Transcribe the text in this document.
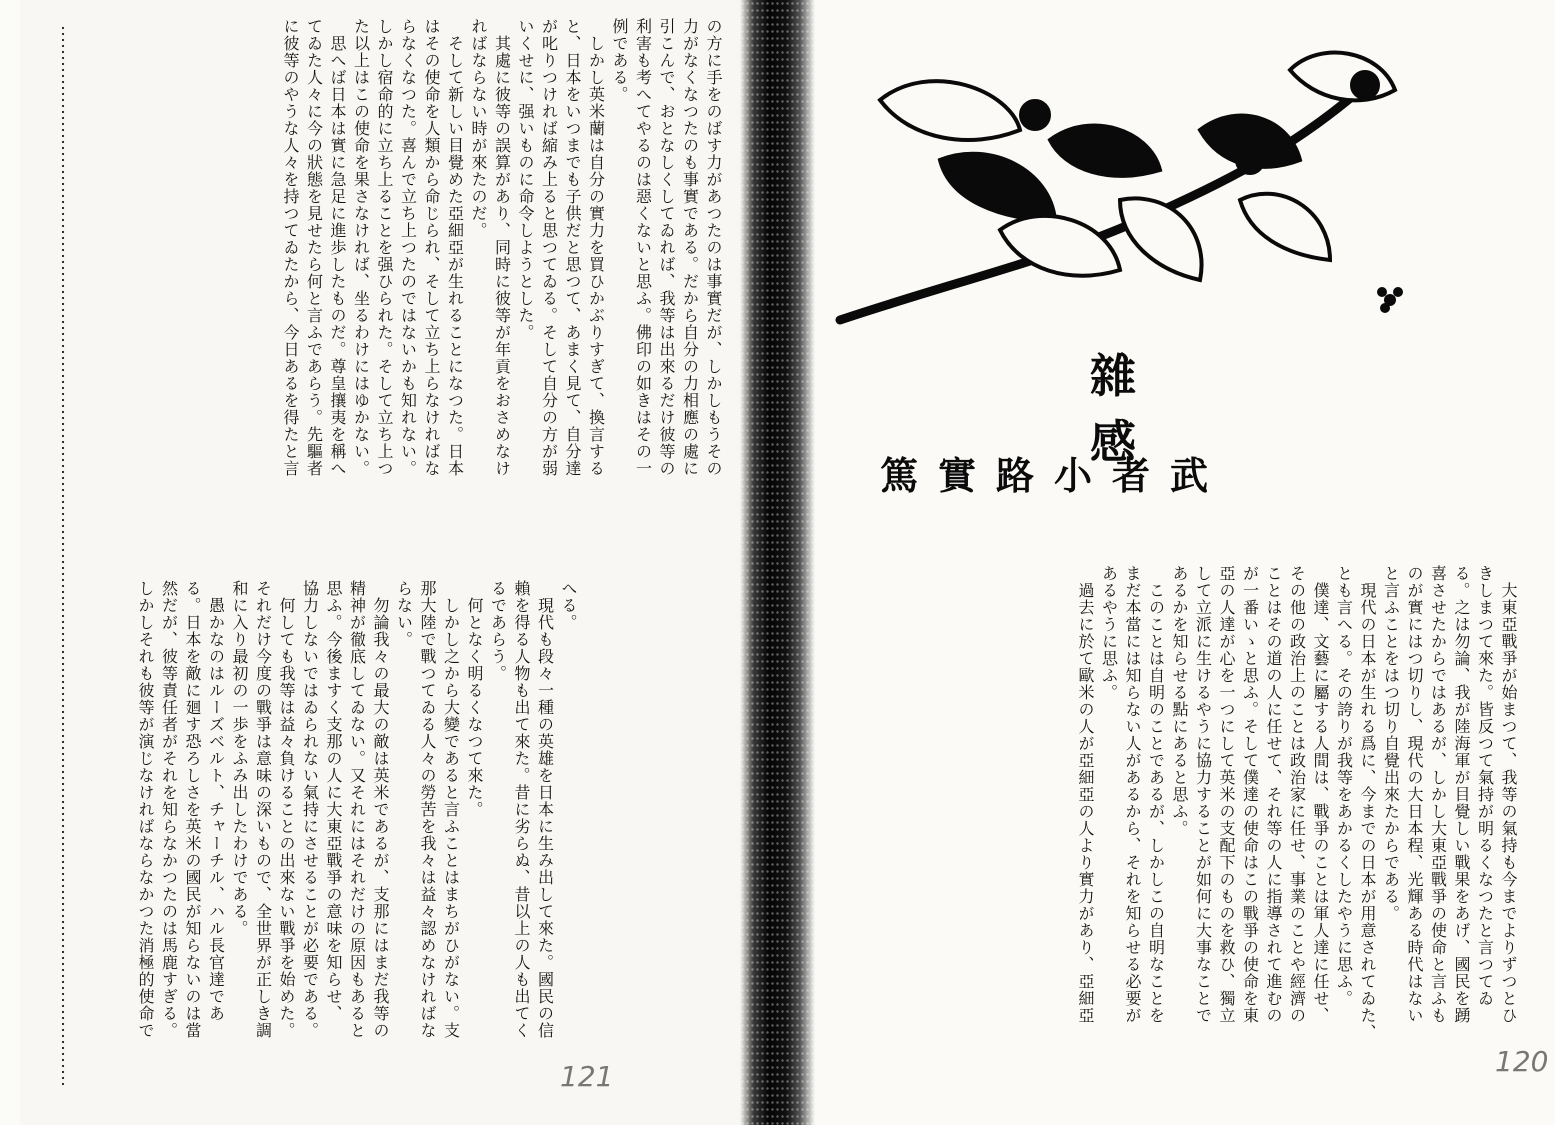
の方に手をのばす力があつたのは事實だが、しかしもうその
力がなくなつたのも事實である。だから自分の力相應の處に
引こんで、おとなしくしてゐれば、我等は出來るだけ彼等の
利害も考へてやるのは惡くないと思ふ。佛印の如きはその一
例である。
　しかし英米蘭は自分の實力を買ひかぶりすぎて、換言する
と、日本をいつまでも子供だと思つて、あまく見て、自分達
が叱りつければ縮み上ると思つてゐる。そして自分の方が弱
いくせに、强いものに命令しようとした。
　其處に彼等の誤算があり、同時に彼等が年貢をおさめなけ
ればならない時が來たのだ。
　そして新しい目覺めた亞細亞が生れることになつた。日本
はその使命を人類から命じられ、そして立ち上らなければな
らなくなつた。喜んで立ち上つたのではないかも知れない。
しかし宿命的に立ち上ることを强ひられた。そして立ち上つ
た以上はこの使命を果さなければ、坐るわけにはゆかない。
　思へば日本は實に急足に進歩したものだ。尊皇攘夷を稱へ
てゐた人々に今の狀態を見せたら何と言ふであらう。先驅者
に彼等のやうな人々を持つてゐたから、今日あるを得たと言
へる。
　現代も段々一種の英雄を日本に生み出して來た。國民の信
賴を得る人物も出て來た。昔に劣らぬ、昔以上の人も出てく
るであらう。
　何となく明るくなつて來た。
　しかし之から大變であると言ふことはまちがひがない。支
那大陸で戰つてゐる人々の勞苦を我々は益々認めなければな
らない。
　勿論我々の最大の敵は英米であるが、支那にはまだ我等の
精神が徹底してゐない。又それにはそれだけの原因もあると
思ふ。今後ますく支那の人に大東亞戰爭の意味を知らせ、
協力しないではゐられない氣持にさせることが必要である。
　何しても我等は益々負けることの出來ない戰爭を始めた。
それだけ今度の戰爭は意味の深いもので、全世界が正しき調
和に入り最初の一歩をふみ出したわけである。
　愚かなのはルーズベルト、チャーチル、ハル長官達であ
る。日本を敵に廻す恐ろしさを英米の國民が知らないのは當
然だが、彼等責任者がそれを知らなかつたのは馬鹿すぎる。
しかしそれも彼等が演じなければならなかつた消極的使命で
雜感
武者小路實篤
　大東亞戰爭が始まつて、我等の氣持も今までよりずつとひ
きしまつて來た。皆反つて氣持が明るくなつたと言つてゐ
る。之は勿論、我が陸海軍が目覺しい戰果をあげ、國民を踴
喜させたからではあるが、しかし大東亞戰爭の使命と言ふも
のが實にはつ切りし、現代の大日本程、光輝ある時代はない
と言ふことをはつ切り自覺出來たからである。
　現代の日本が生れる爲に、今までの日本が用意されてゐた、
とも言へる。その誇りが我等をあかるくしたやうに思ふ。
　僕達、文藝に屬する人間は、戰爭のことは軍人達に任せ、
その他の政治上のことは政治家に任せ、事業のことや經濟の
ことはその道の人に任せて、それ等の人に指導されて進むの
が一番いゝと思ふ。そして僕達の使命はこの戰爭の使命を東
亞の人達が心を一つにして英米の支配下のものを救ひ、獨立
して立派に生けるやうに協力することが如何に大事なことで
あるかを知らせる點にあると思ふ。
　このことは自明のことであるが、しかしこの自明なことを
まだ本當には知らない人があるから、それを知らせる必要が
あるやうに思ふ。
　過去に於て歐米の人が亞細亞の人より實力があり、亞細亞
121	120
